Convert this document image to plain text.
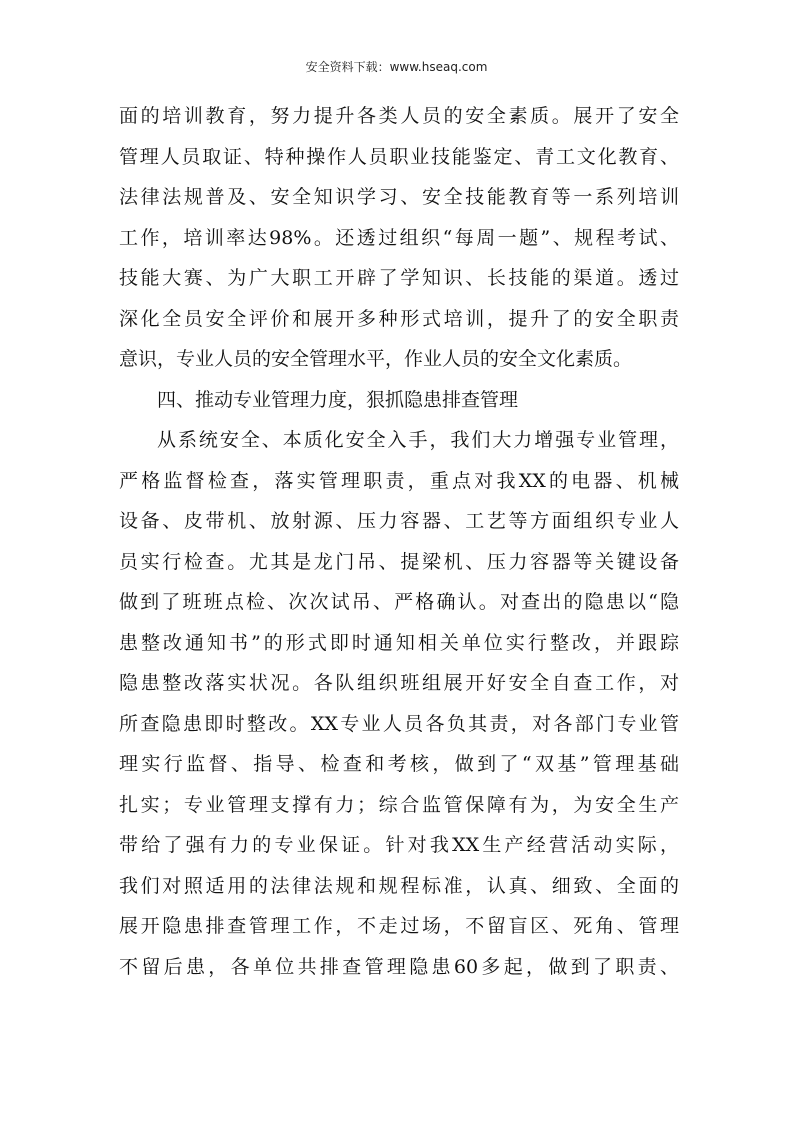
安全资料下载：www.hseaq.com
面的培训教育，努力提升各类人员的安全素质。展开了安全
管理人员取证、特种操作人员职业技能鉴定、青工文化教育、
法律法规普及、安全知识学习、安全技能教育等一系列培训
工作，培训率达98%。还透过组织“每周一题”、规程考试、
技能大赛、为广大职工开辟了学知识、长技能的渠道。透过
深化全员安全评价和展开多种形式培训，提升了的安全职责
意识，专业人员的安全管理水平，作业人员的安全文化素质。
四、推动专业管理力度，狠抓隐患排查管理
从系统安全、本质化安全入手，我们大力增强专业管理，
严格监督检查，落实管理职责，重点对我XX的电器、机械
设备、皮带机、放射源、压力容器、工艺等方面组织专业人
员实行检查。尤其是龙门吊、提梁机、压力容器等关键设备
做到了班班点检、次次试吊、严格确认。对查出的隐患以“隐
患整改通知书”的形式即时通知相关单位实行整改，并跟踪
隐患整改落实状况。各队组织班组展开好安全自查工作，对
所查隐患即时整改。XX专业人员各负其责，对各部门专业管
理实行监督、指导、检查和考核，做到了“双基”管理基础
扎实；专业管理支撑有力；综合监管保障有为，为安全生产
带给了强有力的专业保证。针对我XX生产经营活动实际，
我们对照适用的法律法规和规程标准，认真、细致、全面的
展开隐患排查管理工作，不走过场，不留盲区、死角、管理
不留后患，各单位共排查管理隐患60多起，做到了职责、
